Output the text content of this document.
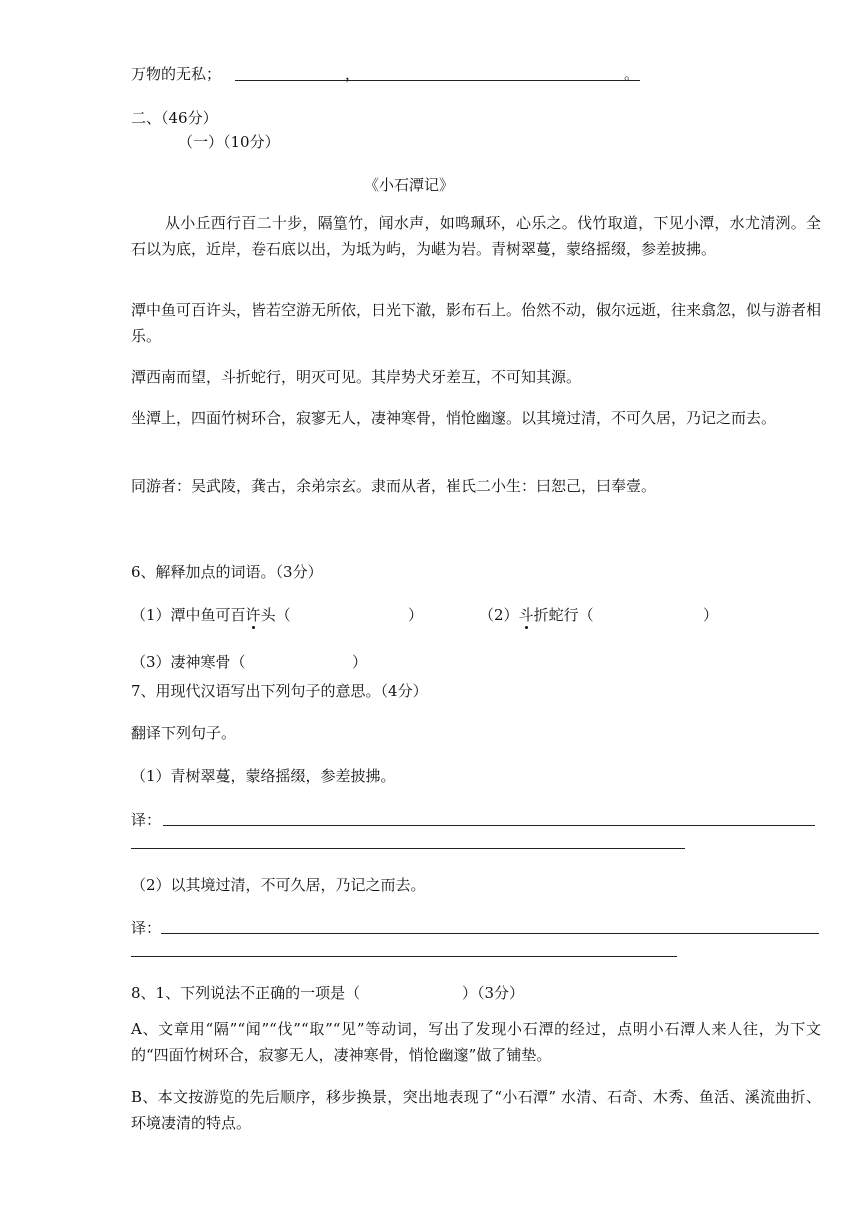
万物的无私；	，	。
二、（46分）
（一）（10分）
《小石潭记》
从小丘西行百二十步，隔篁竹，闻水声，如鸣珮环，心乐之。伐竹取道，下见小潭，水尤清洌。全石以为底，近岸，卷石底以出，为坻为屿，为嵁为岩。青树翠蔓，蒙络摇缀，参差披拂。
潭中鱼可百许头，皆若空游无所依，日光下澈，影布石上。佁然不动，俶尔远逝，往来翕忽，似与游者相乐。
潭西南而望，斗折蛇行，明灭可见。其岸势犬牙差互，不可知其源。
坐潭上，四面竹树环合，寂寥无人，凄神寒骨，悄怆幽邃。以其境过清，不可久居，乃记之而去。
同游者：吴武陵，龚古，余弟宗玄。隶而从者，崔氏二小生：曰恕己，曰奉壹。
6、解释加点的词语。（3分）
（1）潭中鱼可百许头（	）	（2）斗折蛇行（	）
（3）凄神寒骨（	）
7、用现代汉语写出下列句子的意思。（4分）
翻译下列句子。
（1）青树翠蔓，蒙络摇缀，参差披拂。
译：
（2）以其境过清，不可久居，乃记之而去。
译：
8、1、下列说法不正确的一项是（	）（3分）
A、文章用“隔”“闻”“伐”“取”“见”等动词，写出了发现小石潭的经过，点明小石潭人来人往，为下文的“四面竹树环合，寂寥无人，凄神寒骨，悄怆幽邃”做了铺垫。
B、本文按游览的先后顺序，移步换景，突出地表现了“小石潭” 水清、石奇、木秀、鱼活、溪流曲折、环境凄清的特点。
